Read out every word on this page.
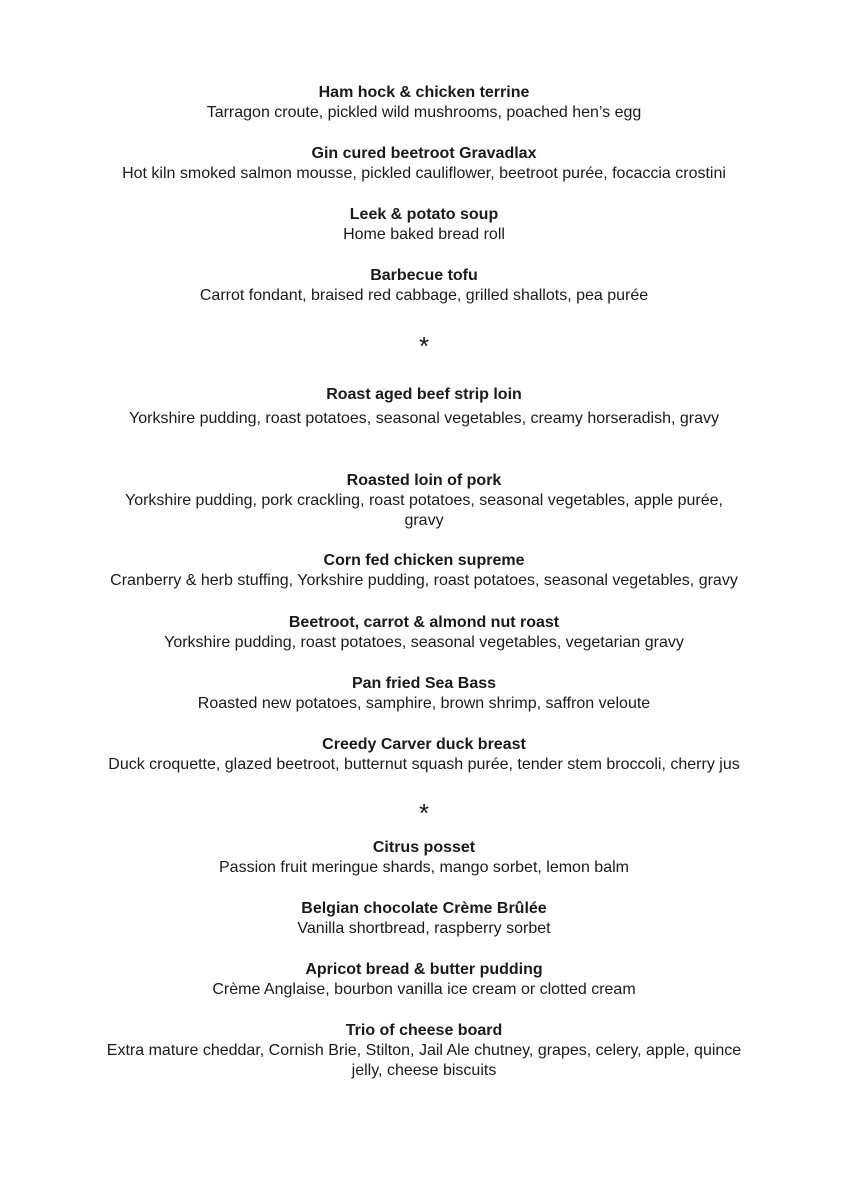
Ham hock & chicken terrine

Tarragon croute, pickled wild mushrooms, poached hen’s egg

Gin cured beetroot Gravadlax

Hot kiln smoked salmon mousse, pickled cauliflower, beetroot purée, focaccia crostini

Leek & potato soup

Home baked bread roll

Barbecue tofu

Carrot fondant, braised red cabbage, grilled shallots, pea purée

*

Roast aged beef strip loin

Yorkshire pudding, roast potatoes, seasonal vegetables, creamy horseradish, gravy

Roasted loin of pork

Yorkshire pudding, pork crackling, roast potatoes, seasonal vegetables, apple purée,

gravy

Corn fed chicken supreme

Cranberry & herb stuffing, Yorkshire pudding, roast potatoes, seasonal vegetables, gravy

Beetroot, carrot & almond nut roast

Yorkshire pudding, roast potatoes, seasonal vegetables, vegetarian gravy

Pan fried Sea Bass

Roasted new potatoes, samphire, brown shrimp, saffron veloute

Creedy Carver duck breast

Duck croquette, glazed beetroot, butternut squash purée, tender stem broccoli, cherry jus

*

Citrus posset

Passion fruit meringue shards, mango sorbet, lemon balm

Belgian chocolate Crème Brûlée

Vanilla shortbread, raspberry sorbet

Apricot bread & butter pudding

Crème Anglaise, bourbon vanilla ice cream or clotted cream

Trio of cheese board

Extra mature cheddar, Cornish Brie, Stilton, Jail Ale chutney, grapes, celery, apple, quince

jelly, cheese biscuits
